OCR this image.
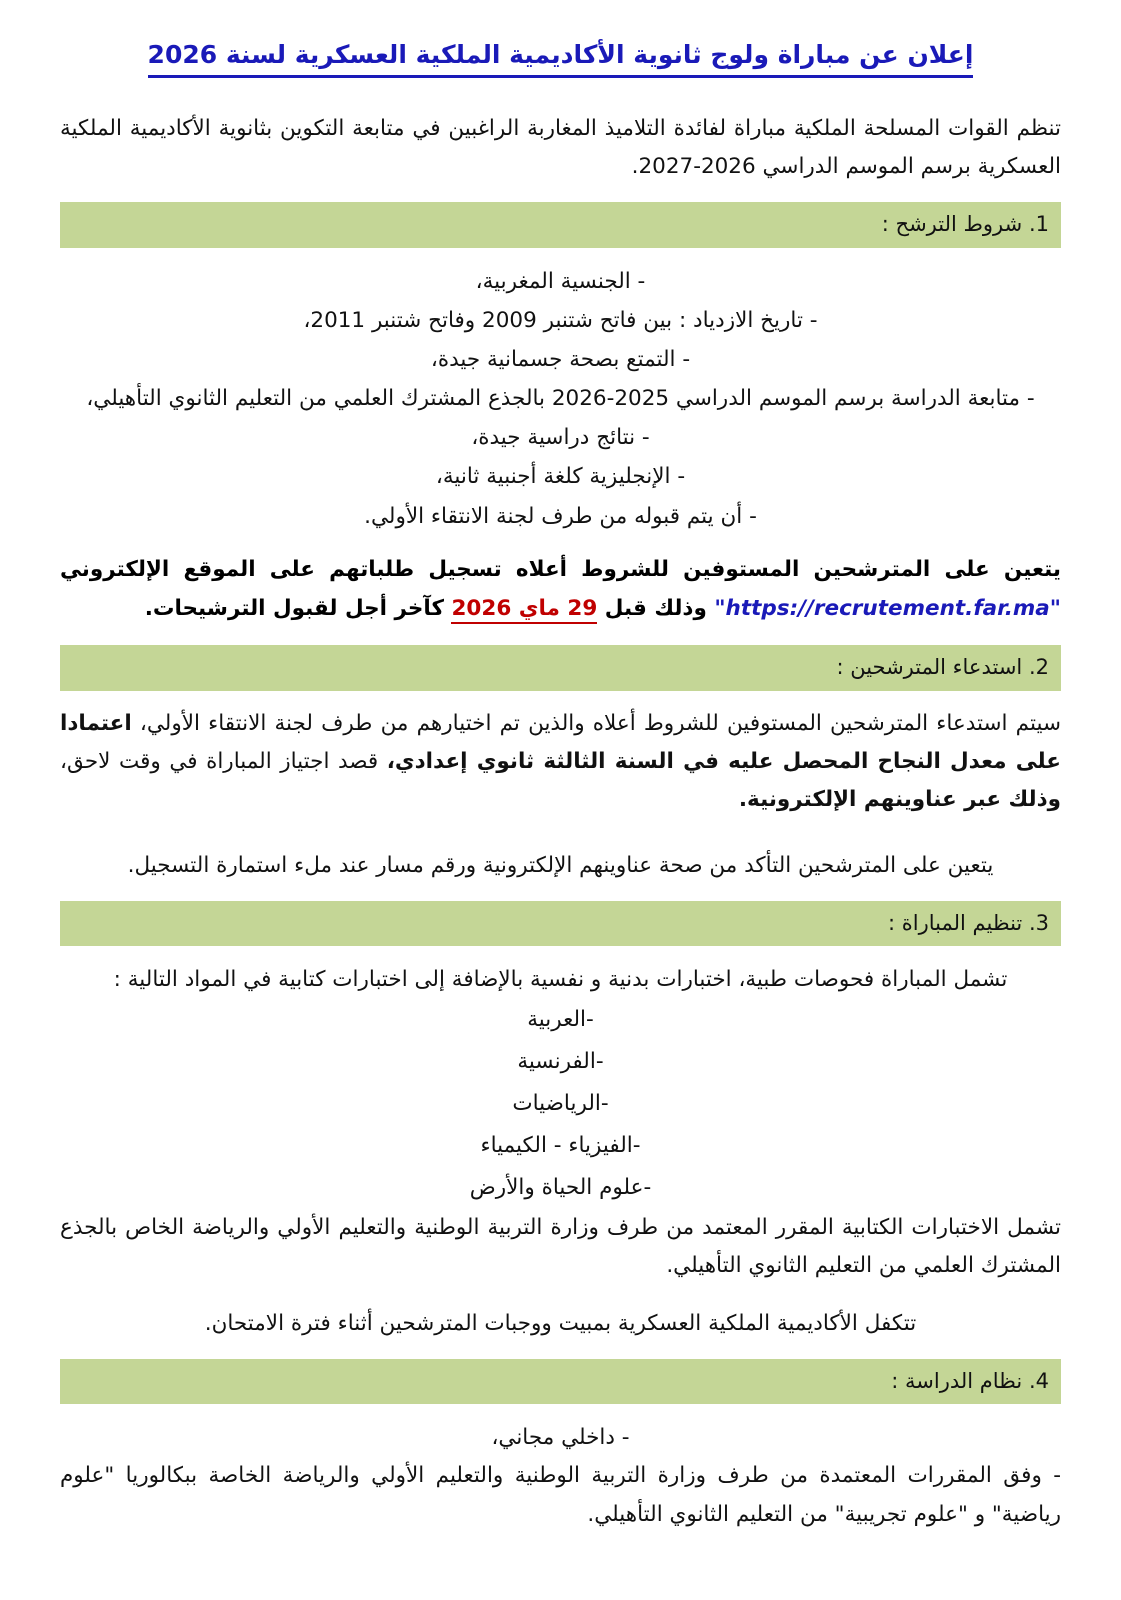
إعلان عن مباراة ولوج ثانوية الأكاديمية الملكية العسكرية لسنة 2026

تنظم القوات المسلحة الملكية مباراة لفائدة التلاميذ المغاربة الراغبين في متابعة التكوين بثانوية الأكاديمية الملكية العسكرية برسم الموسم الدراسي 2026-2027.

1. شروط الترشح :

- الجنسية المغربية،

- تاريخ الازدياد : بين فاتح شتنبر 2009 وفاتح شتنبر 2011،

- التمتع بصحة جسمانية جيدة،

- متابعة الدراسة برسم الموسم الدراسي 2025-2026 بالجذع المشترك العلمي من التعليم الثانوي التأهيلي،

- نتائج دراسية جيدة،

- الإنجليزية كلغة أجنبية ثانية،

- أن يتم قبوله من طرف لجنة الانتقاء الأولي.

يتعين على المترشحين المستوفين للشروط أعلاه تسجيل طلباتهم على الموقع الإلكتروني
"https://recrutement.far.ma" وذلك قبل 29 ماي 2026 كآخر أجل لقبول الترشيحات.
2. استدعاء المترشحين :

سيتم استدعاء المترشحين المستوفين للشروط أعلاه والذين تم اختيارهم من طرف لجنة الانتقاء الأولي، اعتمادا على معدل النجاح المحصل عليه في السنة الثالثة ثانوي إعدادي، قصد اجتياز المباراة في وقت لاحق، وذلك عبر عناوينهم الإلكترونية.

يتعين على المترشحين التأكد من صحة عناوينهم الإلكترونية ورقم مسار عند ملء استمارة التسجيل.

3. تنظيم المباراة :

تشمل المباراة فحوصات طبية، اختبارات بدنية و نفسية بالإضافة إلى اختبارات كتابية في المواد التالية :

-العربية

-الفرنسية

-الرياضيات

-الفيزياء - الكيمياء

-علوم الحياة والأرض

تشمل الاختبارات الكتابية المقرر المعتمد من طرف وزارة التربية الوطنية والتعليم الأولي والرياضة الخاص بالجذع المشترك العلمي من التعليم الثانوي التأهيلي.

تتكفل الأكاديمية الملكية العسكرية بمبيت ووجبات المترشحين أثناء فترة الامتحان.

4. نظام الدراسة :

- داخلي مجاني،

- وفق المقررات المعتمدة من طرف وزارة التربية الوطنية والتعليم الأولي والرياضة الخاصة ببكالوريا "علوم رياضية" و "علوم تجريبية" من التعليم الثانوي التأهيلي.
